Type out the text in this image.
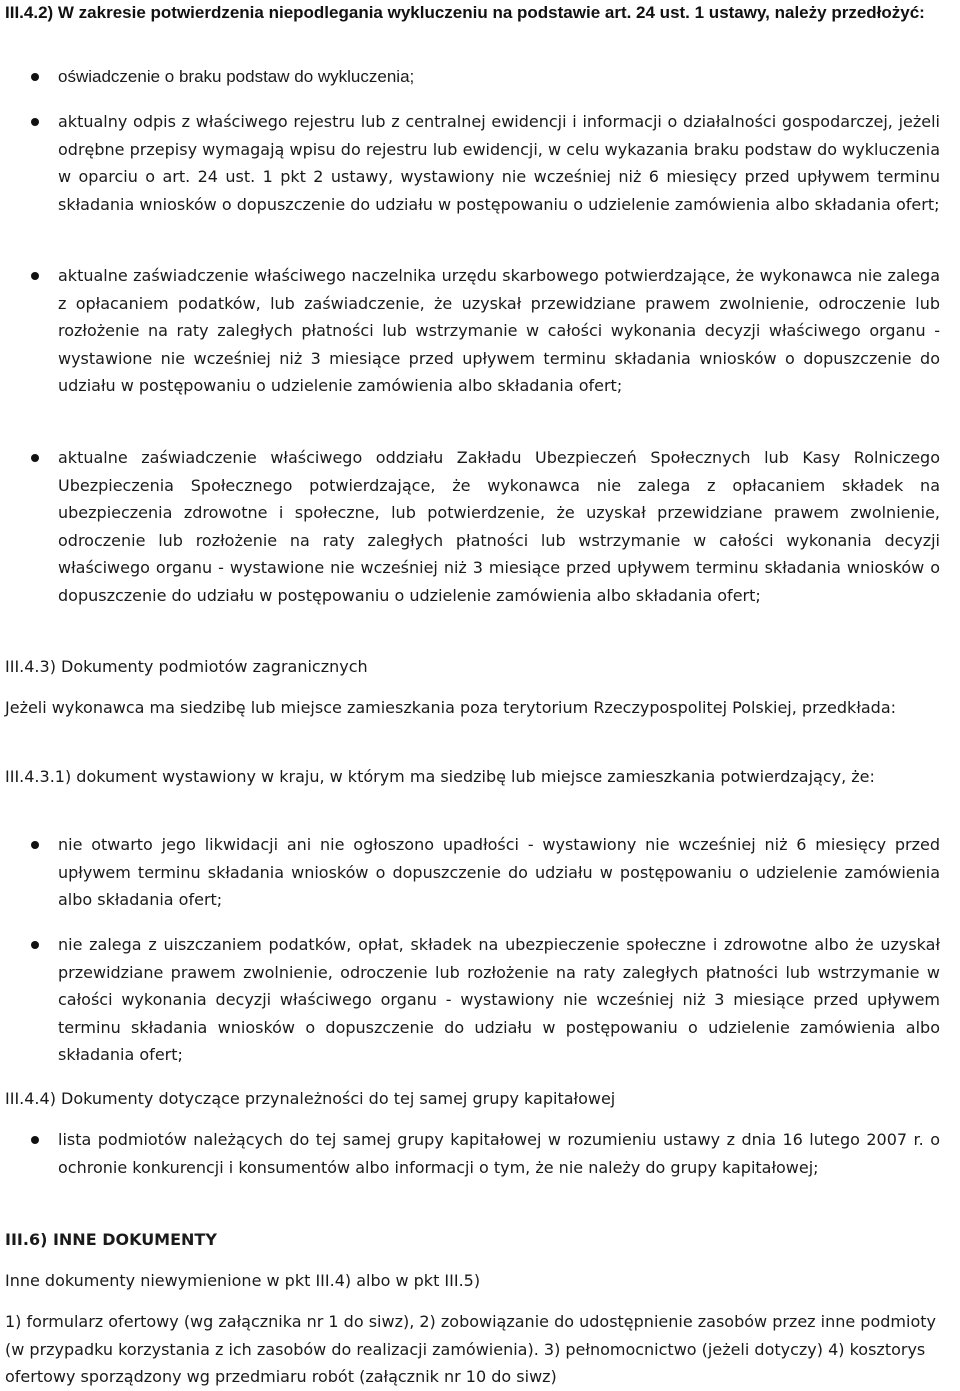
III.4.2) W zakresie potwierdzenia niepodlegania wykluczeniu na podstawie art. 24 ust. 1 ustawy, należy przedłożyć:

oświadczenie o braku podstaw do wykluczenia;
aktualny odpis z właściwego rejestru lub z centralnej ewidencji i informacji o działalności gospodarczej, jeżeli odrębne przepisy wymagają wpisu do rejestru lub ewidencji, w celu wykazania braku podstaw do wykluczenia w oparciu o art. 24 ust. 1 pkt 2 ustawy, wystawiony nie wcześniej niż 6 miesięcy przed upływem terminu składania wniosków o dopuszczenie do udziału w postępowaniu o udzielenie zamówienia albo składania ofert;
aktualne zaświadczenie właściwego naczelnika urzędu skarbowego potwierdzające, że wykonawca nie zalega z opłacaniem podatków, lub zaświadczenie, że uzyskał przewidziane prawem zwolnienie, odroczenie lub rozłożenie na raty zaległych płatności lub wstrzymanie w całości wykonania decyzji właściwego organu - wystawione nie wcześniej niż 3 miesiące przed upływem terminu składania wniosków o dopuszczenie do udziału w postępowaniu o udzielenie zamówienia albo składania ofert;
aktualne zaświadczenie właściwego oddziału Zakładu Ubezpieczeń Społecznych lub Kasy Rolniczego Ubezpieczenia Społecznego potwierdzające, że wykonawca nie zalega z opłacaniem składek na ubezpieczenia zdrowotne i społeczne, lub potwierdzenie, że uzyskał przewidziane prawem zwolnienie, odroczenie lub rozłożenie na raty zaległych płatności lub wstrzymanie w całości wykonania decyzji właściwego organu - wystawione nie wcześniej niż 3 miesiące przed upływem terminu składania wniosków o dopuszczenie do udziału w postępowaniu o udzielenie zamówienia albo składania ofert;

III.4.3) Dokumenty podmiotów zagranicznych

Jeżeli wykonawca ma siedzibę lub miejsce zamieszkania poza terytorium Rzeczypospolitej Polskiej, przedkłada:

III.4.3.1) dokument wystawiony w kraju, w którym ma siedzibę lub miejsce zamieszkania potwierdzający, że:

nie otwarto jego likwidacji ani nie ogłoszono upadłości - wystawiony nie wcześniej niż 6 miesięcy przed upływem terminu składania wniosków o dopuszczenie do udziału w postępowaniu o udzielenie zamówienia albo składania ofert;
nie zalega z uiszczaniem podatków, opłat, składek na ubezpieczenie społeczne i zdrowotne albo że uzyskał przewidziane prawem zwolnienie, odroczenie lub rozłożenie na raty zaległych płatności lub wstrzymanie w całości wykonania decyzji właściwego organu - wystawiony nie wcześniej niż 3 miesiące przed upływem terminu składania wniosków o dopuszczenie do udziału w postępowaniu o udzielenie zamówienia albo składania ofert;

III.4.4) Dokumenty dotyczące przynależności do tej samej grupy kapitałowej

lista podmiotów należących do tej samej grupy kapitałowej w rozumieniu ustawy z dnia 16 lutego 2007 r. o ochronie konkurencji i konsumentów albo informacji o tym, że nie należy do grupy kapitałowej;

III.6) INNE DOKUMENTY

Inne dokumenty niewymienione w pkt III.4) albo w pkt III.5)

1) formularz ofertowy (wg załącznika nr 1 do siwz), 2) zobowiązanie do udostępnienie zasobów przez inne podmioty (w przypadku korzystania z ich zasobów do realizacji zamówienia). 3) pełnomocnictwo (jeżeli dotyczy) 4) kosztorys ofertowy sporządzony wg przedmiaru robót (załącznik nr 10 do siwz)
